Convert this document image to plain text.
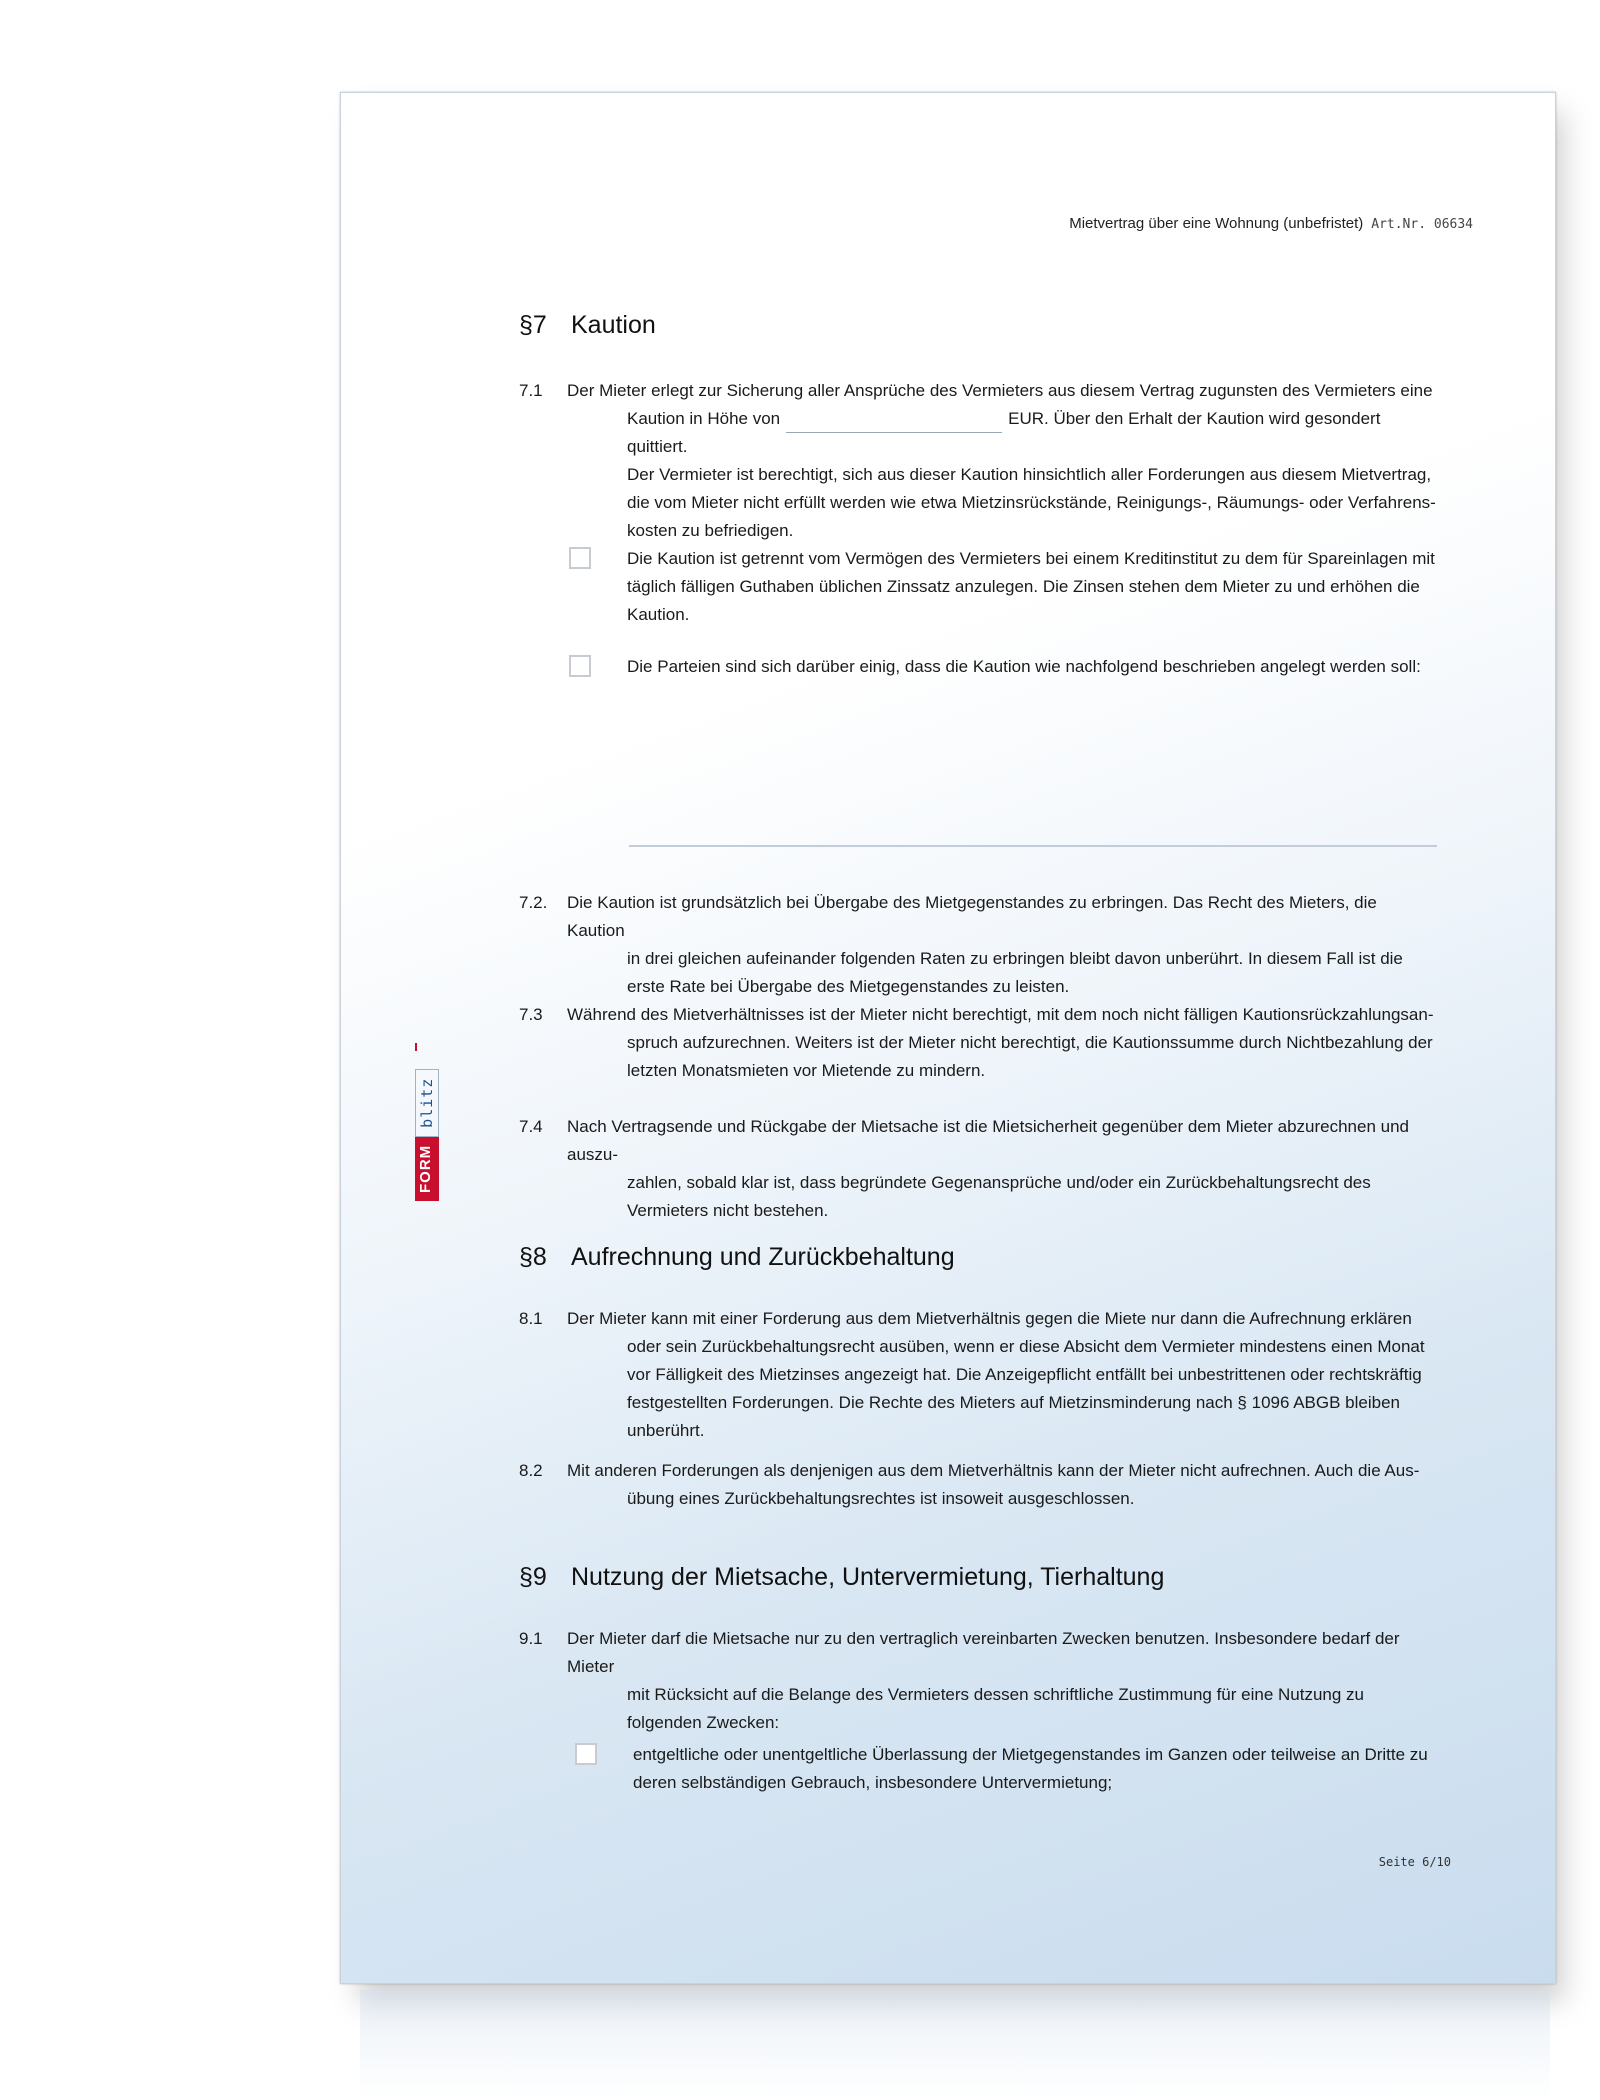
Mietvertrag über eine Wohnung (unbefristet) Art.Nr. 06634
FORM
blitz
§7 Kaution
7.1 Der Mieter erlegt zur Sicherung aller Ansprüche des Vermieters aus diesem Vertrag zugunsten des Vermieters eine
Kaution in Höhe von	EUR. Über den Erhalt der Kaution wird gesondert quittiert.
Der Vermieter ist berechtigt, sich aus dieser Kaution hinsichtlich aller Forderungen aus diesem Mietvertrag, die vom Mieter nicht erfüllt werden wie etwa Mietzinsrückstände, Reinigungs-, Räumungs- oder Verfahrens-kosten zu befriedigen.
Die Kaution ist getrennt vom Vermögen des Vermieters bei einem Kreditinstitut zu dem für Spareinlagen mit täglich fälligen Guthaben üblichen Zinssatz anzulegen. Die Zinsen stehen dem Mieter zu und erhöhen die Kaution.
Die Parteien sind sich darüber einig, dass die Kaution wie nachfolgend beschrieben angelegt werden soll:
7.2. Die Kaution ist grundsätzlich bei Übergabe des Mietgegenstandes zu erbringen. Das Recht des Mieters, die Kaution
in drei gleichen aufeinander folgenden Raten zu erbringen bleibt davon unberührt. In diesem Fall ist die erste Rate bei Übergabe des Mietgegenstandes zu leisten.
7.3 Während des Mietverhältnisses ist der Mieter nicht berechtigt, mit dem noch nicht fälligen Kautionsrückzahlungsan-
spruch aufzurechnen. Weiters ist der Mieter nicht berechtigt, die Kautionssumme durch Nichtbezahlung der letzten Monatsmieten vor Mietende zu mindern.
7.4 Nach Vertragsende und Rückgabe der Mietsache ist die Mietsicherheit gegenüber dem Mieter abzurechnen und auszu-
zahlen, sobald klar ist, dass begründete Gegenansprüche und/oder ein Zurückbehaltungsrecht des Vermieters nicht bestehen.
§8 Aufrechnung und Zurückbehaltung
8.1 Der Mieter kann mit einer Forderung aus dem Mietverhältnis gegen die Miete nur dann die Aufrechnung erklären
oder sein Zurückbehaltungsrecht ausüben, wenn er diese Absicht dem Vermieter mindestens einen Monat vor Fälligkeit des Mietzinses angezeigt hat. Die Anzeigepflicht entfällt bei unbestrittenen oder rechtskräftig festgestellten Forderungen. Die Rechte des Mieters auf Mietzinsminderung nach § 1096 ABGB bleiben unberührt.
8.2 Mit anderen Forderungen als denjenigen aus dem Mietverhältnis kann der Mieter nicht aufrechnen. Auch die Aus-
übung eines Zurückbehaltungsrechtes ist insoweit ausgeschlossen.
§9 Nutzung der Mietsache, Untervermietung, Tierhaltung
9.1 Der Mieter darf die Mietsache nur zu den vertraglich vereinbarten Zwecken benutzen. Insbesondere bedarf der Mieter
mit Rücksicht auf die Belange des Vermieters dessen schriftliche Zustimmung für eine Nutzung zu folgenden Zwecken:
entgeltliche oder unentgeltliche Überlassung der Mietgegenstandes im Ganzen oder teilweise an Dritte zu deren selbständigen Gebrauch, insbesondere Untervermietung;
Seite 6/10
